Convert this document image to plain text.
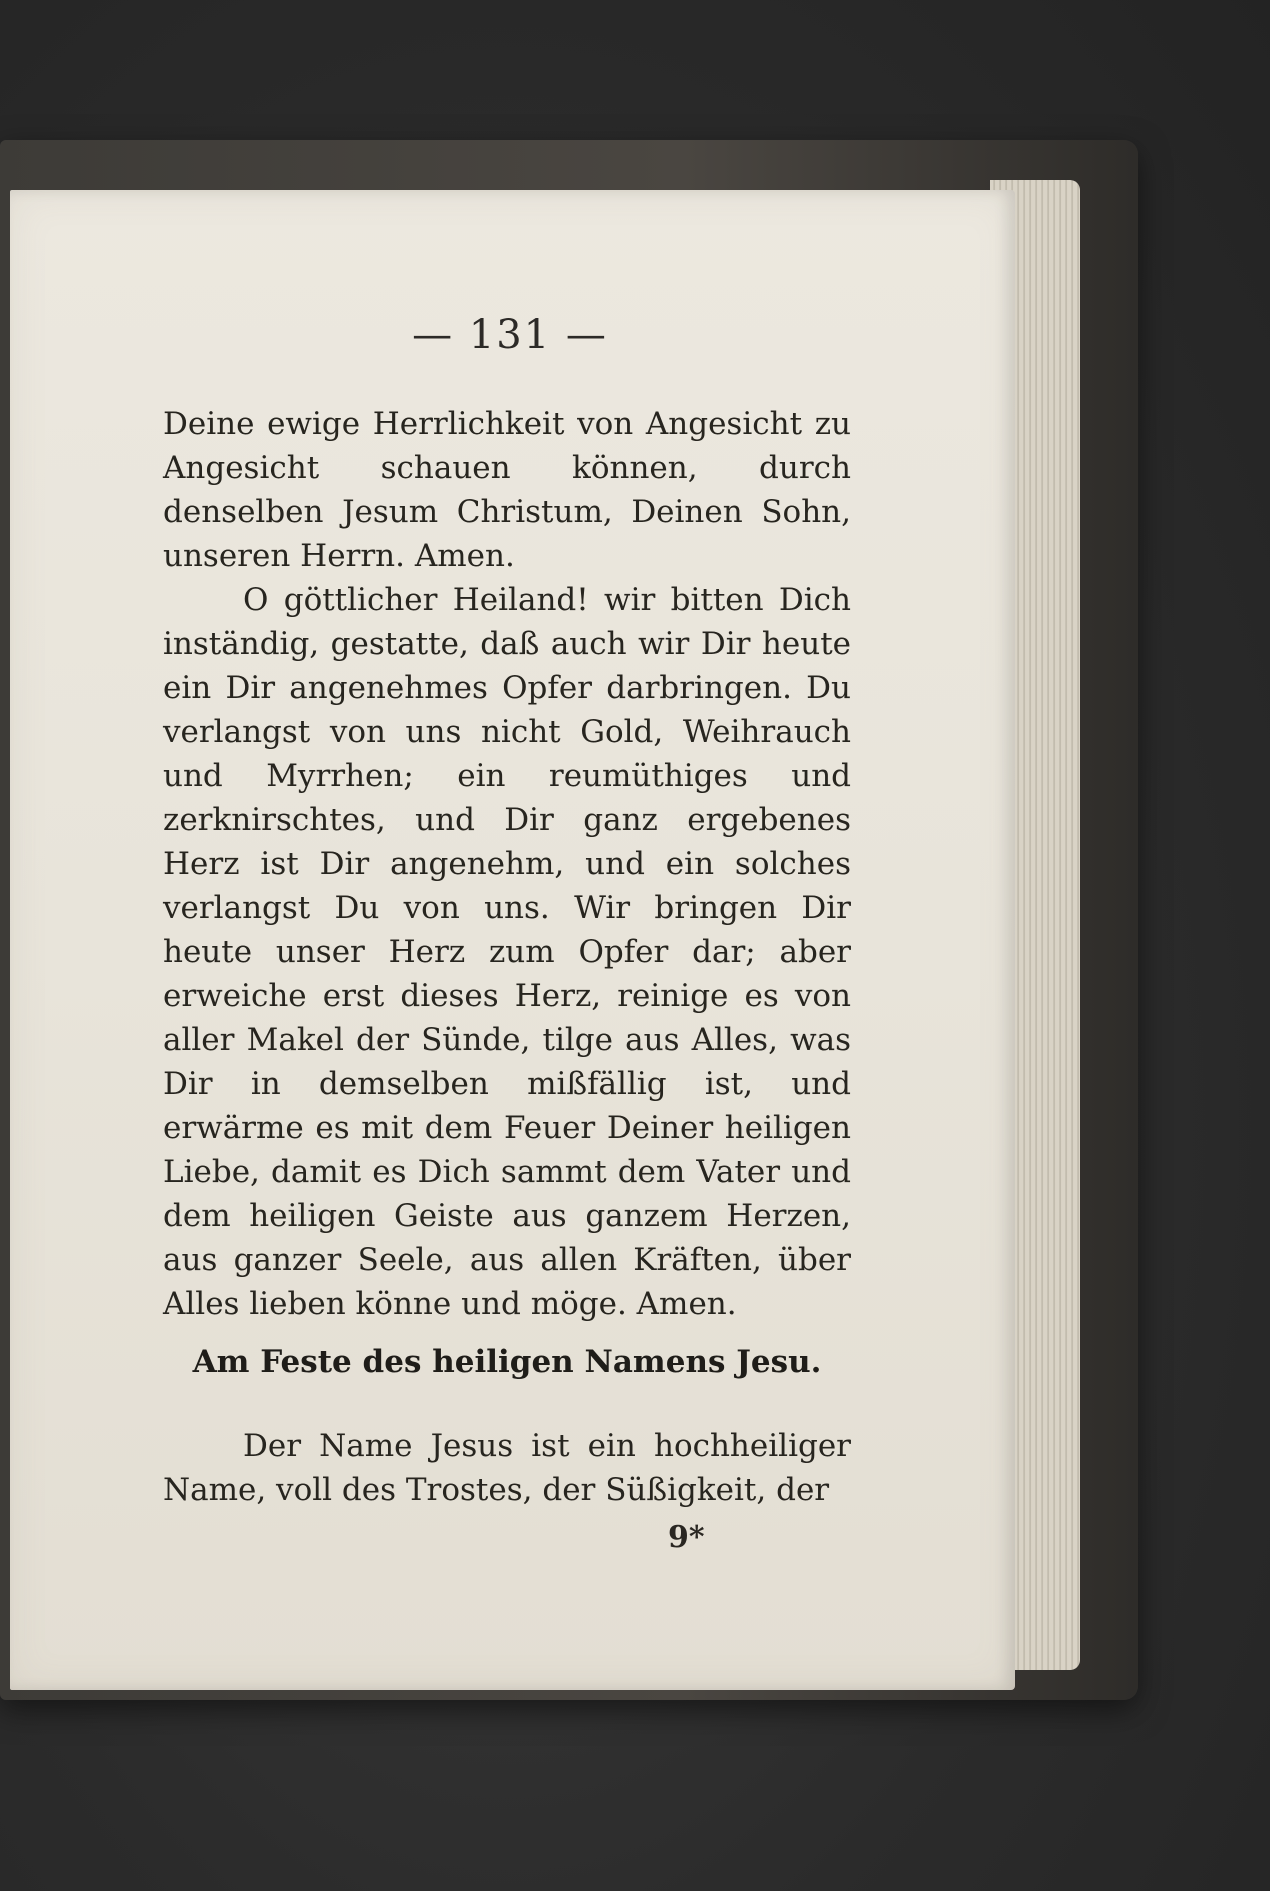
— 131 —

Deine ewige Herrlichkeit von Angesicht zu Angesicht schauen können, durch denselben Jesum Christum, Deinen Sohn, unseren Herrn. Amen.

O göttlicher Heiland! wir bitten Dich inständig, gestatte, daß auch wir Dir heute ein Dir angenehmes Opfer darbringen. Du verlangst von uns nicht Gold, Weihrauch und Myrrhen; ein reumüthiges und zerknirschtes, und Dir ganz ergebenes Herz ist Dir angenehm, und ein solches verlangst Du von uns. Wir bringen Dir heute unser Herz zum Opfer dar; aber erweiche erst dieses Herz, reinige es von aller Makel der Sünde, tilge aus Alles, was Dir in demselben mißfällig ist, und erwärme es mit dem Feuer Deiner heiligen Liebe, damit es Dich sammt dem Vater und dem heiligen Geiste aus ganzem Herzen, aus ganzer Seele, aus allen Kräften, über Alles lieben könne und möge. Amen.

Am Feste des heiligen Namens Jesu.

Der Name Jesus ist ein hochheiliger Name, voll des Trostes, der Süßigkeit, der

9*
